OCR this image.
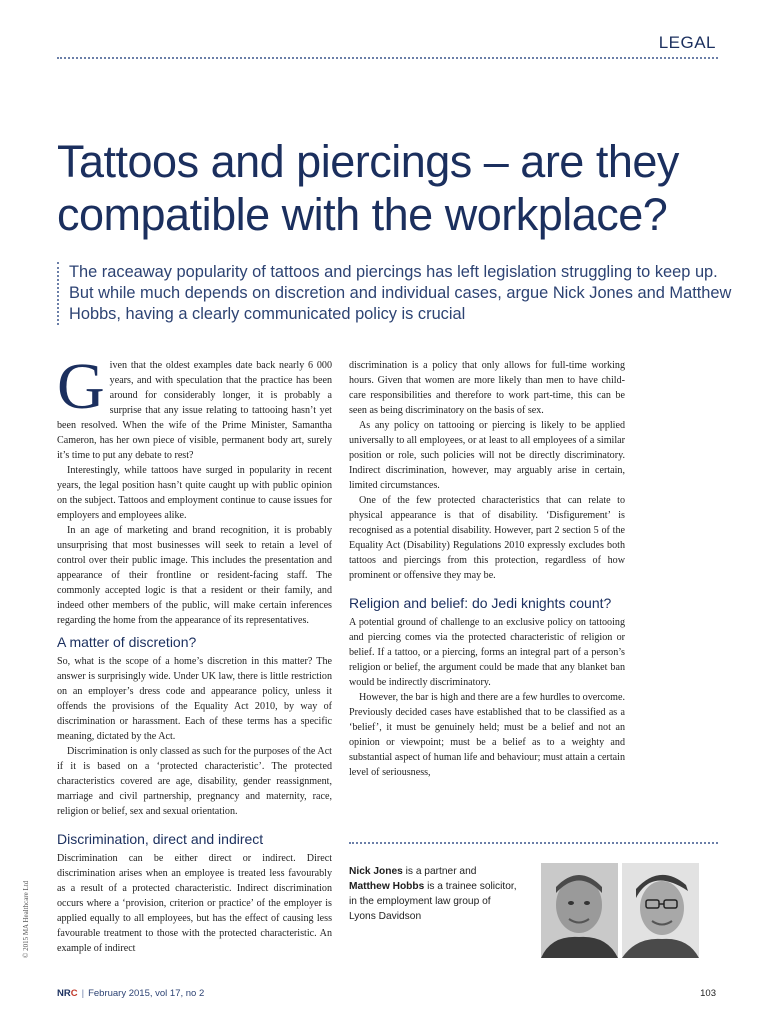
LEGAL
Tattoos and piercings – are they compatible with the workplace?
The raceaway popularity of tattoos and piercings has left legislation struggling to keep up. But while much depends on discretion and individual cases, argue Nick Jones and Matthew Hobbs, having a clearly communicated policy is crucial

Given that the oldest examples date back nearly 6 000 years, and with speculation that the practice has been around for considerably longer, it is probably a surprise that any issue relating to tattooing hasn’t yet been resolved. When the wife of the Prime Minister, Samantha Cameron, has her own piece of visible, permanent body art, surely it’s time to put any debate to rest?

Interestingly, while tattoos have surged in popularity in recent years, the legal position hasn’t quite caught up with public opinion on the subject. Tattoos and employment continue to cause issues for employers and employees alike.

In an age of marketing and brand recognition, it is probably unsurprising that most businesses will seek to retain a level of control over their public image. This includes the presentation and appearance of their frontline or resident-facing staff. The commonly accepted logic is that a resident or their family, and indeed other members of the public, will make certain inferences regarding the home from the appearance of its representatives.

A matter of discretion?

So, what is the scope of a home’s discretion in this matter? The answer is surprisingly wide. Under UK law, there is little restriction on an employer’s dress code and appearance policy, unless it offends the provisions of the Equality Act 2010, by way of discrimination or harassment. Each of these terms has a specific meaning, dictated by the Act.

Discrimination is only classed as such for the purposes of the Act if it is based on a ‘protected characteristic’. The protected characteristics covered are age, disability, gender reassignment, marriage and civil partnership, pregnancy and maternity, race, religion or belief, sex and sexual orientation.

Discrimination, direct and indirect

Discrimination can be either direct or indirect. Direct discrimination arises when an employee is treated less favourably as a result of a protected characteristic. Indirect discrimination occurs where a ‘provision, criterion or practice’ of the employer is applied equally to all employees, but has the effect of causing less favourable treatment to those with the protected characteristic. An example of indirect

discrimination is a policy that only allows for full-time working hours. Given that women are more likely than men to have child-care responsibilities and therefore to work part-time, this can be seen as being discriminatory on the basis of sex.

As any policy on tattooing or piercing is likely to be applied universally to all employees, or at least to all employees of a similar position or role, such policies will not be directly discriminatory. Indirect discrimination, however, may arguably arise in certain, limited circumstances.

One of the few protected characteristics that can relate to physical appearance is that of disability. ‘Disfigurement’ is recognised as a potential disability. However, part 2 section 5 of the Equality Act (Disability) Regulations 2010 expressly excludes both tattoos and piercings from this protection, regardless of how prominent or offensive they may be.

Religion and belief: do Jedi knights count?

A potential ground of challenge to an exclusive policy on tattooing and piercing comes via the protected characteristic of religion or belief. If a tattoo, or a piercing, forms an integral part of a person’s religion or belief, the argument could be made that any blanket ban would be indirectly discriminatory.

However, the bar is high and there are a few hurdles to overcome. Previously decided cases have established that to be classified as a ‘belief’, it must be genuinely held; must be a belief and not an opinion or viewpoint; must be a belief as to a weighty and substantial aspect of human life and behaviour; must attain a certain level of seriousness,

Nick Jones is a partner and
Matthew Hobbs is a trainee solicitor, in the employment law group of Lyons Davidson
© 2015 MA Healthcare Ltd
NRC | February 2015, vol 17, no 2	103
